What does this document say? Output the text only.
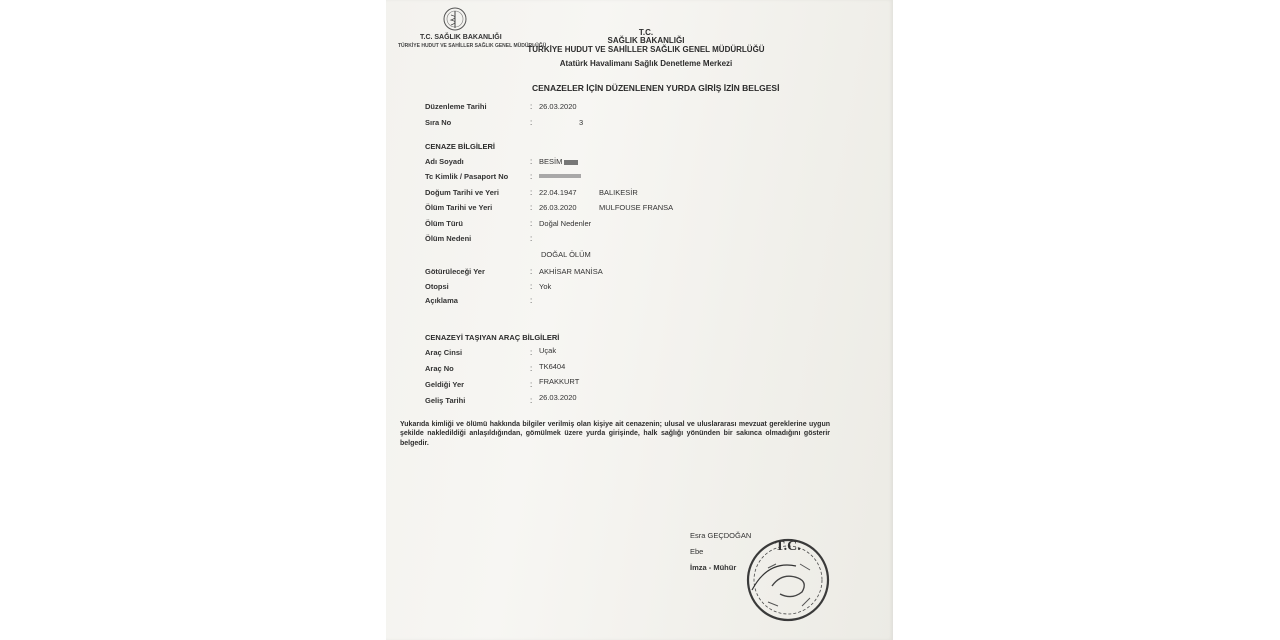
T.C. SAĞLIK BAKANLIĞI
TÜRKİYE HUDUT VE SAHİLLER SAĞLIK GENEL MÜDÜRLÜĞÜ
T.C.
SAĞLIK BAKANLIĞI
TÜRKİYE HUDUT VE SAHİLLER SAĞLIK GENEL MÜDÜRLÜĞÜ
Atatürk Havalimanı Sağlık Denetleme Merkezi
CENAZELER İÇİN DÜZENLENEN YURDA GİRİŞ İZİN BELGESİ
Düzenleme Tarihi	: 26.03.2020
Sıra No	:	3
CENAZE BİLGİLERİ
Adı Soyadı	: BESİM
Tc Kimlik / Pasaport No	:
Doğum Tarihi ve Yeri	: 22.04.1947	BALIKESİR
Ölüm Tarihi ve Yeri	: 26.03.2020	MULFOUSE FRANSA
Ölüm Türü	: Doğal Nedenler
Ölüm Nedeni	:
DOĞAL ÖLÜM
Götürüleceği Yer	: AKHİSAR MANİSA
Otopsi	: Yok
Açıklama	:
CENAZEYİ TAŞIYAN ARAÇ BİLGİLERİ
Araç Cinsi	: Uçak
Araç No	: TK6404
Geldiği Yer	: FRAKKURT
Geliş Tarihi	: 26.03.2020
Yukarıda kimliği ve ölümü hakkında bilgiler verilmiş olan kişiye ait cenazenin; ulusal ve uluslararası mevzuat gereklerine uygun şekilde nakledildiği anlaşıldığından, gömülmek üzere yurda girişinde, halk sağlığı yönünden bir sakınca olmadığını gösterir belgedir.
Esra GEÇDOĞAN
Ebe
İmza - Mühür
T.C.
